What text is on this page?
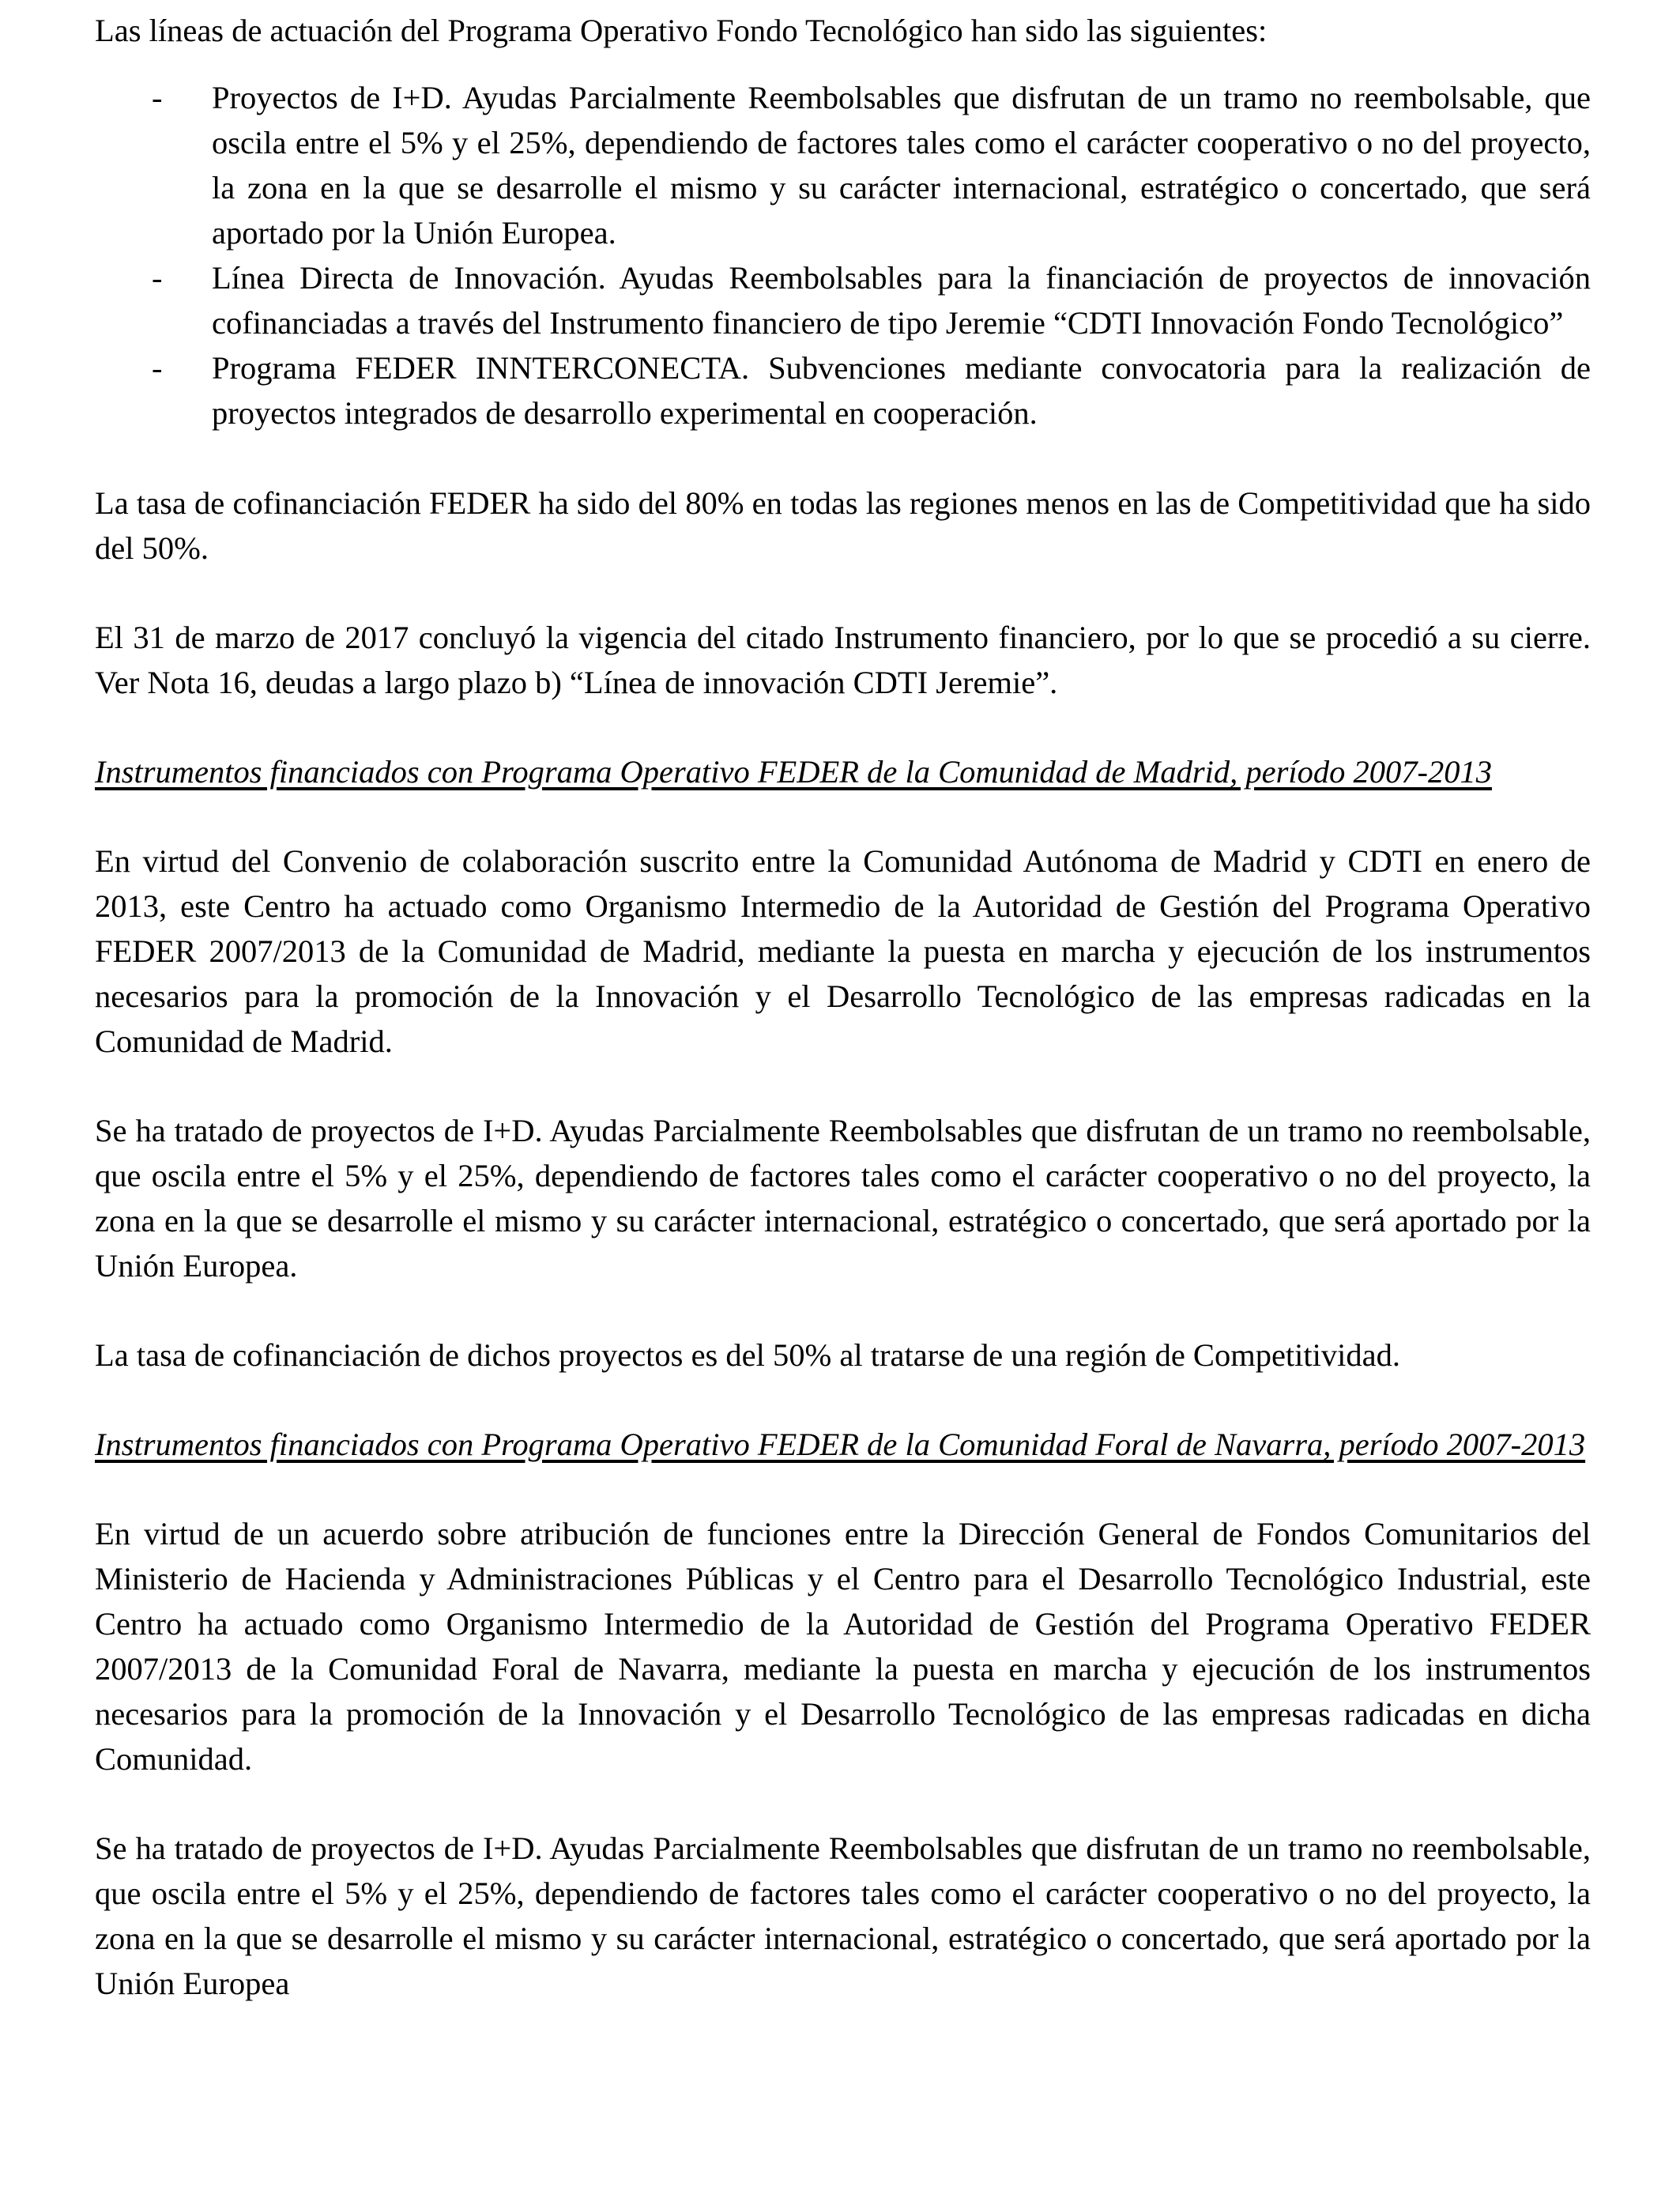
Las líneas de actuación del Programa Operativo Fondo Tecnológico han sido las siguientes:

- Proyectos de I+D. Ayudas Parcialmente Reembolsables que disfrutan de un tramo no reembolsable, que oscila entre el 5% y el 25%, dependiendo de factores tales como el carácter cooperativo o no del proyecto, la zona en la que se desarrolle el mismo y su carácter internacional, estratégico o concertado, que será aportado por la Unión Europea.
- Línea Directa de Innovación. Ayudas Reembolsables para la financiación de proyectos de innovación cofinanciadas a través del Instrumento financiero de tipo Jeremie “CDTI Innovación Fondo Tecnológico”
- Programa FEDER INNTERCONECTA. Subvenciones mediante convocatoria para la realización de proyectos integrados de desarrollo experimental en cooperación.

La tasa de cofinanciación FEDER ha sido del 80% en todas las regiones menos en las de Competitividad que ha sido del 50%.

El 31 de marzo de 2017 concluyó la vigencia del citado Instrumento financiero, por lo que se procedió a su cierre. Ver Nota 16, deudas a largo plazo b) “Línea de innovación CDTI Jeremie”.

Instrumentos financiados con Programa Operativo FEDER de la Comunidad de Madrid, período 2007-2013

En virtud del Convenio de colaboración suscrito entre la Comunidad Autónoma de Madrid y CDTI en enero de 2013, este Centro ha actuado como Organismo Intermedio de la Autoridad de Gestión del Programa Operativo FEDER 2007/2013 de la Comunidad de Madrid, mediante la puesta en marcha y ejecución de los instrumentos necesarios para la promoción de la Innovación y el Desarrollo Tecnológico de las empresas radicadas en la Comunidad de Madrid.

Se ha tratado de proyectos de I+D. Ayudas Parcialmente Reembolsables que disfrutan de un tramo no reembolsable, que oscila entre el 5% y el 25%, dependiendo de factores tales como el carácter cooperativo o no del proyecto, la zona en la que se desarrolle el mismo y su carácter internacional, estratégico o concertado, que será aportado por la Unión Europea.

La tasa de cofinanciación de dichos proyectos es del 50% al tratarse de una región de Competitividad.

Instrumentos financiados con Programa Operativo FEDER de la Comunidad Foral de Navarra, período 2007-2013

En virtud de un acuerdo sobre atribución de funciones entre la Dirección General de Fondos Comunitarios del Ministerio de Hacienda y Administraciones Públicas y el Centro para el Desarrollo Tecnológico Industrial, este Centro ha actuado como Organismo Intermedio de la Autoridad de Gestión del Programa Operativo FEDER 2007/2013 de la Comunidad Foral de Navarra, mediante la puesta en marcha y ejecución de los instrumentos necesarios para la promoción de la Innovación y el Desarrollo Tecnológico de las empresas radicadas en dicha Comunidad.

Se ha tratado de proyectos de I+D. Ayudas Parcialmente Reembolsables que disfrutan de un tramo no reembolsable, que oscila entre el 5% y el 25%, dependiendo de factores tales como el carácter cooperativo o no del proyecto, la zona en la que se desarrolle el mismo y su carácter internacional, estratégico o concertado, que será aportado por la Unión Europea
